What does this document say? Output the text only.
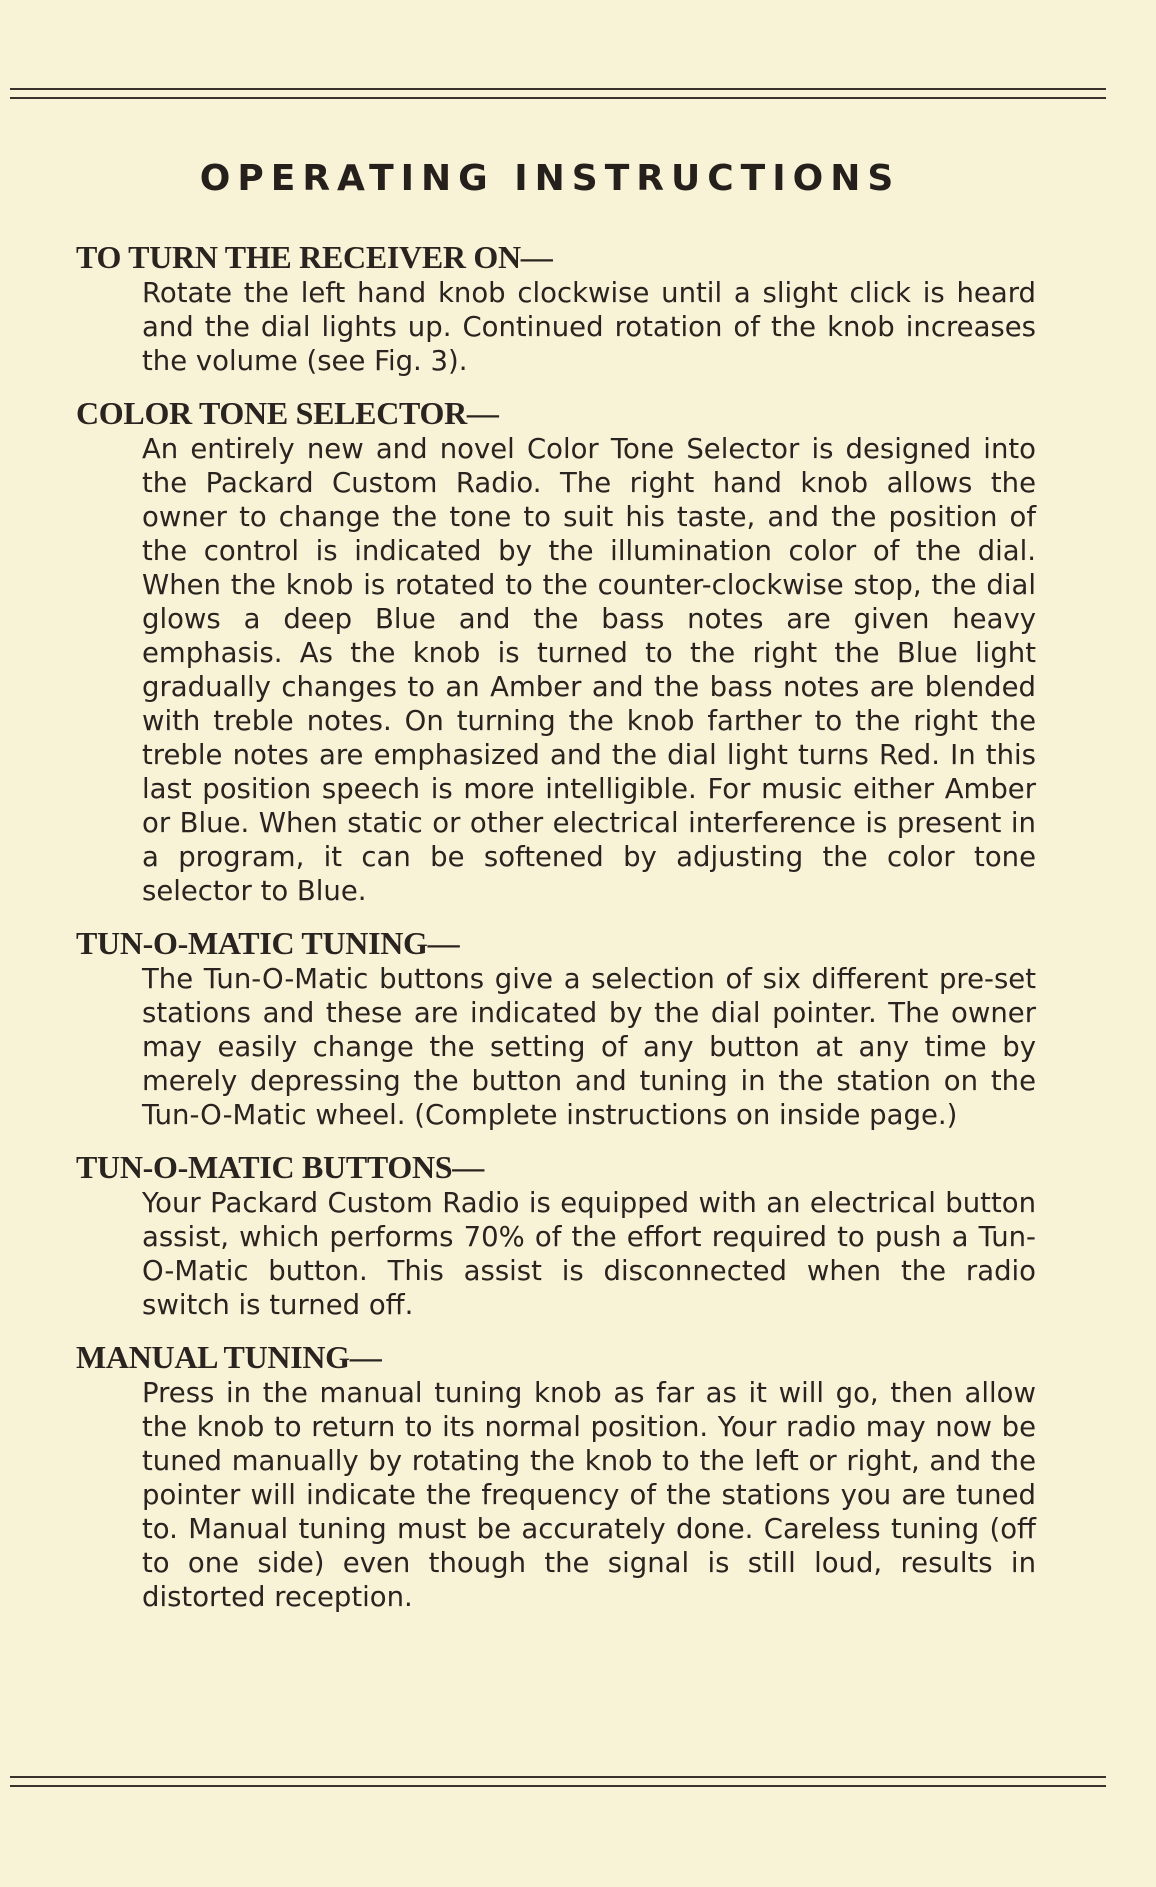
OPERATING INSTRUCTIONS
TO TURN THE RECEIVER ON—

Rotate the left hand knob clockwise until a slight click is heard and the dial lights up. Continued rotation of the knob increases the volume (see Fig. 3).

COLOR TONE SELECTOR—

An entirely new and novel Color Tone Selector is designed into the Packard Custom Radio. The right hand knob allows the owner to change the tone to suit his taste, and the position of the control is indicated by the illumination color of the dial. When the knob is rotated to the counter-clockwise stop, the dial glows a deep Blue and the bass notes are given heavy emphasis. As the knob is turned to the right the Blue light gradually changes to an Amber and the bass notes are blended with treble notes. On turning the knob farther to the right the treble notes are emphasized and the dial light turns Red. In this last position speech is more intelligible. For music either Amber or Blue. When static or other electrical interference is present in a program, it can be softened by adjusting the color tone selector to Blue.

TUN-O-MATIC TUNING—

The Tun-O-Matic buttons give a selection of six different pre-set stations and these are indicated by the dial pointer. The owner may easily change the setting of any button at any time by merely depressing the button and tuning in the station on the Tun-O-Matic wheel. (Complete instructions on inside page.)

TUN-O-MATIC BUTTONS—

Your Packard Custom Radio is equipped with an electrical button assist, which performs 70% of the effort required to push a Tun-O-Matic button. This assist is disconnected when the radio switch is turned off.

MANUAL TUNING—

Press in the manual tuning knob as far as it will go, then allow the knob to return to its normal position. Your radio may now be tuned manually by rotating the knob to the left or right, and the pointer will indicate the frequency of the stations you are tuned to. Manual tuning must be accurately done. Careless tuning (off to one side) even though the signal is still loud, results in distorted reception.
